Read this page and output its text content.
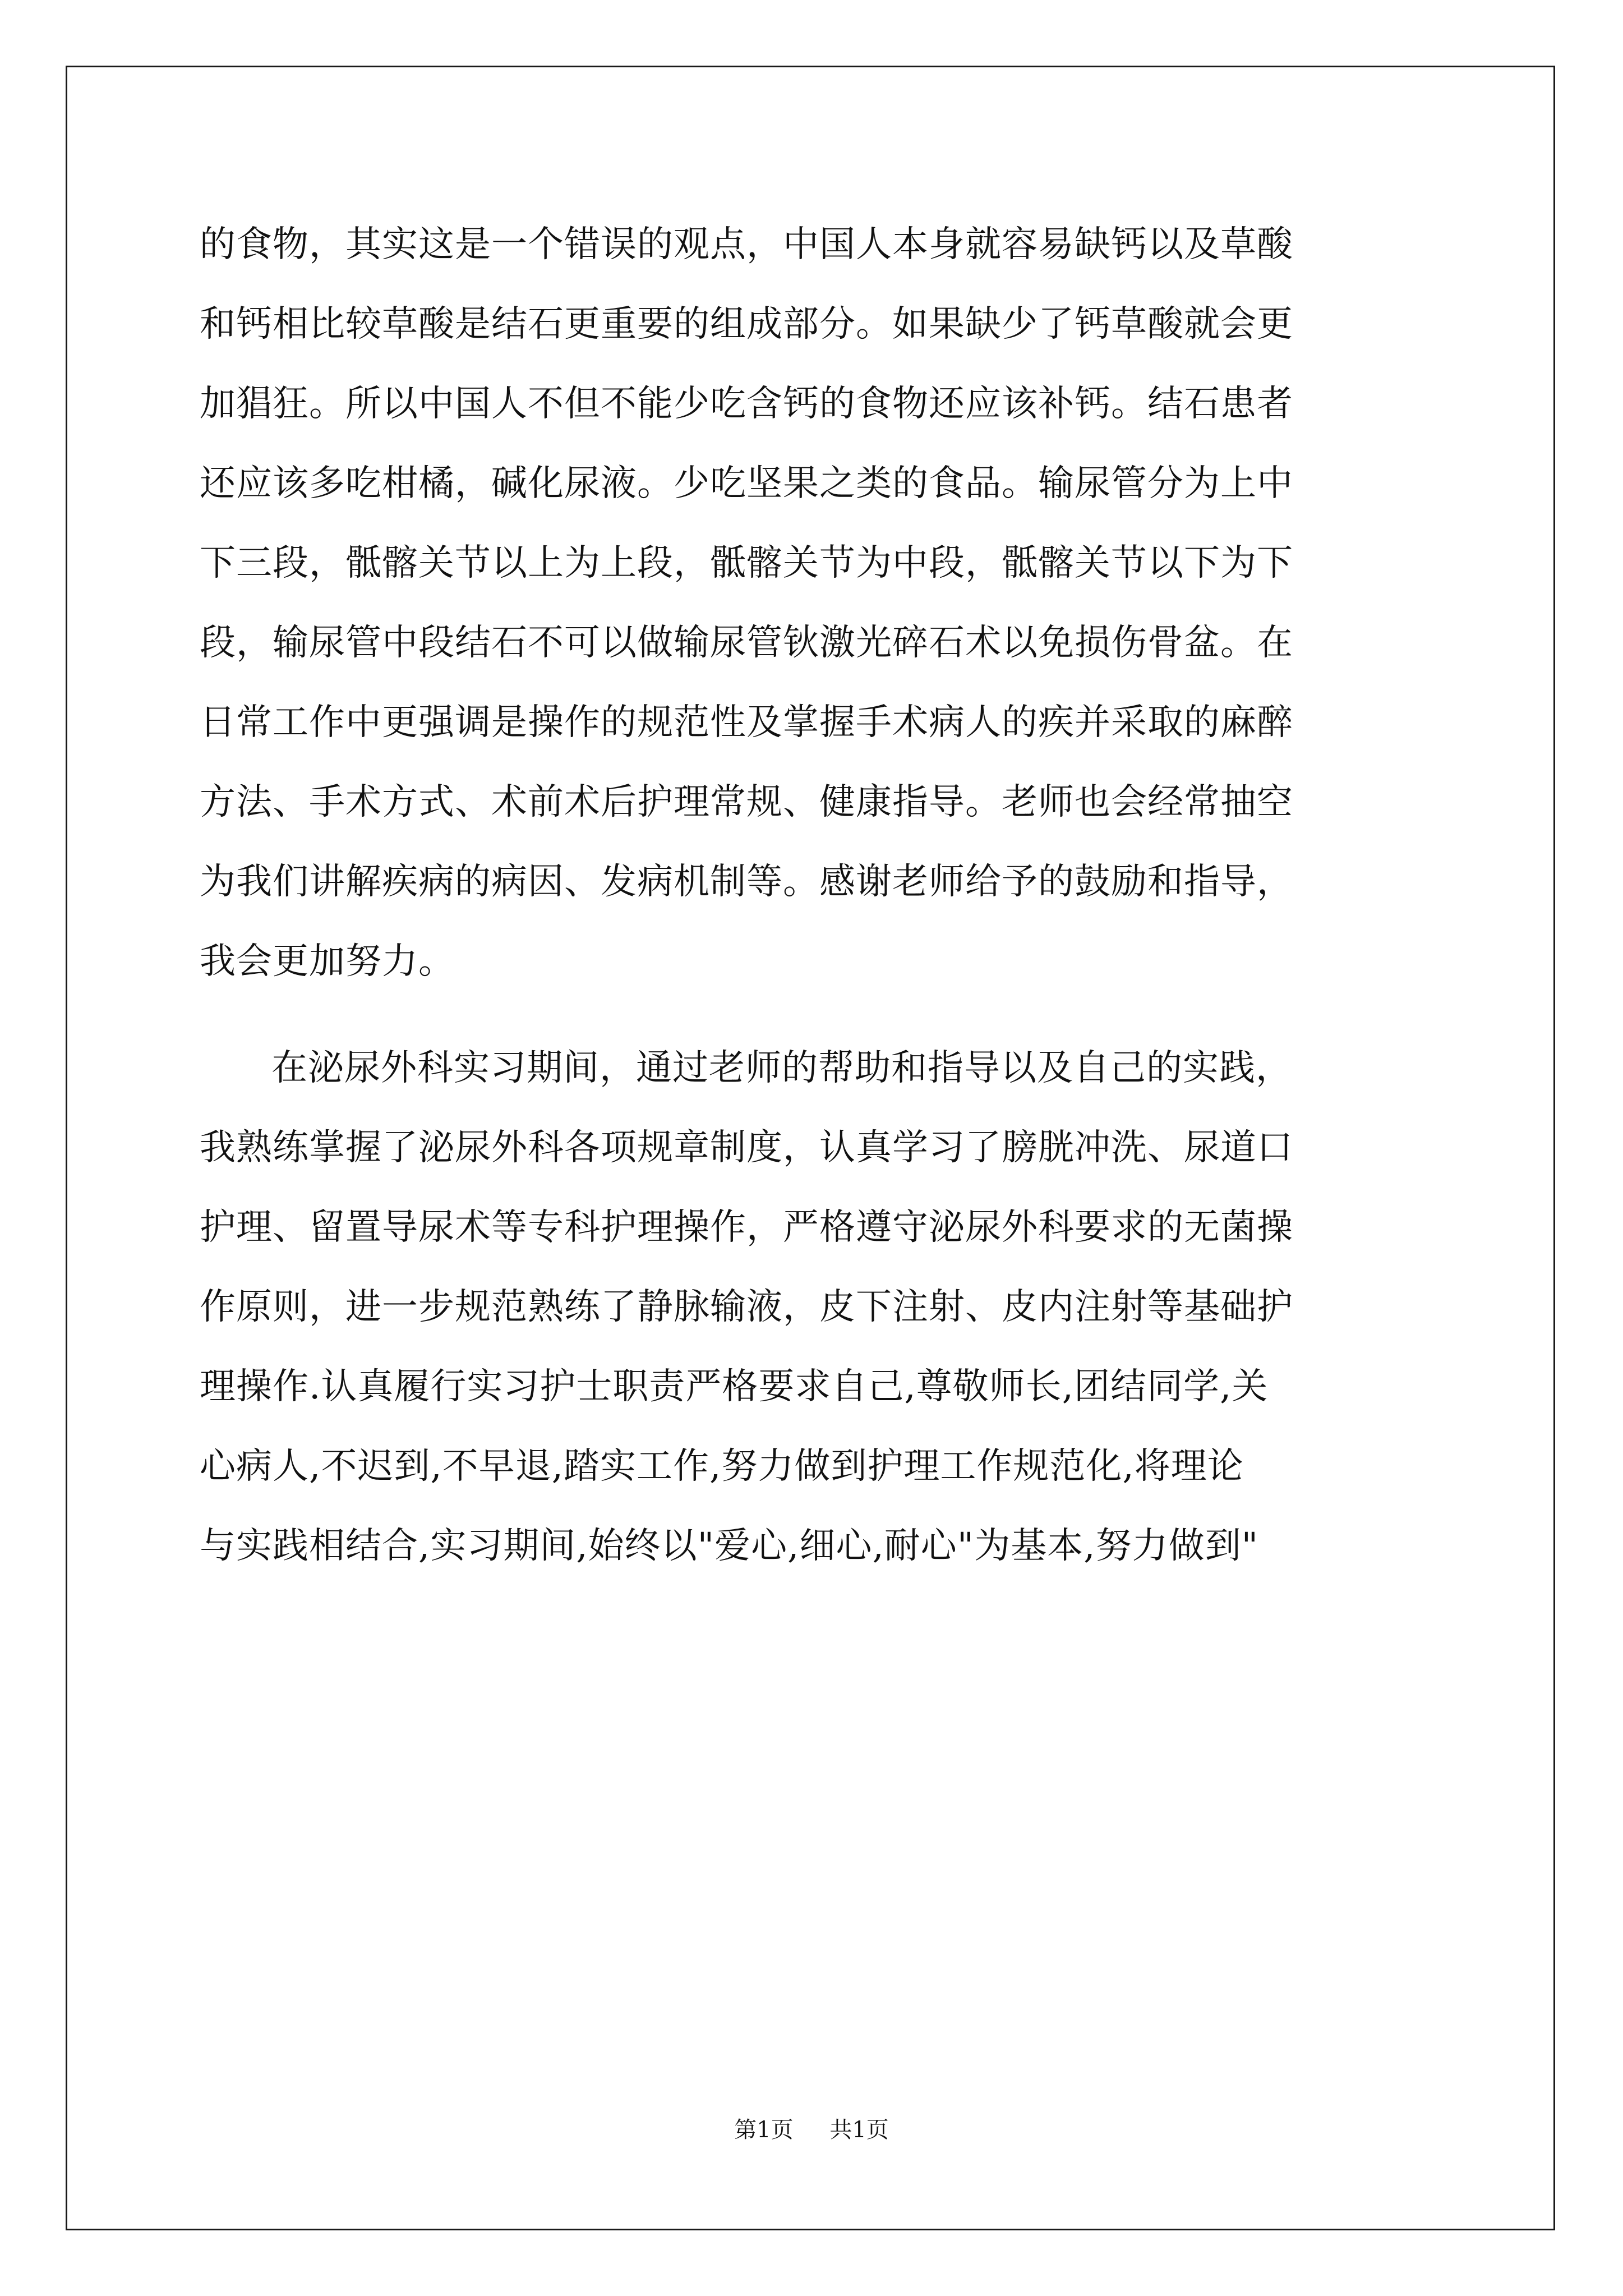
的食物，其实这是一个错误的观点，中国人本身就容易缺钙以及草酸
和钙相比较草酸是结石更重要的组成部分。如果缺少了钙草酸就会更
加猖狂。所以中国人不但不能少吃含钙的食物还应该补钙。结石患者
还应该多吃柑橘，碱化尿液。少吃坚果之类的食品。输尿管分为上中
下三段，骶髂关节以上为上段，骶髂关节为中段，骶髂关节以下为下
段，输尿管中段结石不可以做输尿管钬激光碎石术以免损伤骨盆。在
日常工作中更强调是操作的规范性及掌握手术病人的疾并采取的麻醉
方法、手术方式、术前术后护理常规、健康指导。老师也会经常抽空
为我们讲解疾病的病因、发病机制等。感谢老师给予的鼓励和指导，
我会更加努力。
在泌尿外科实习期间，通过老师的帮助和指导以及自己的实践，
我熟练掌握了泌尿外科各项规章制度，认真学习了膀胱冲洗、尿道口
护理、留置导尿术等专科护理操作，严格遵守泌尿外科要求的无菌操
作原则，进一步规范熟练了静脉输液，皮下注射、皮内注射等基础护
理操作.认真履行实习护士职责严格要求自己,尊敬师长,团结同学,关
心病人,不迟到,不早退,踏实工作,努力做到护理工作规范化,将理论
与实践相结合,实习期间,始终以"爱心,细心,耐心"为基本,努力做到"
第1页 共1页
